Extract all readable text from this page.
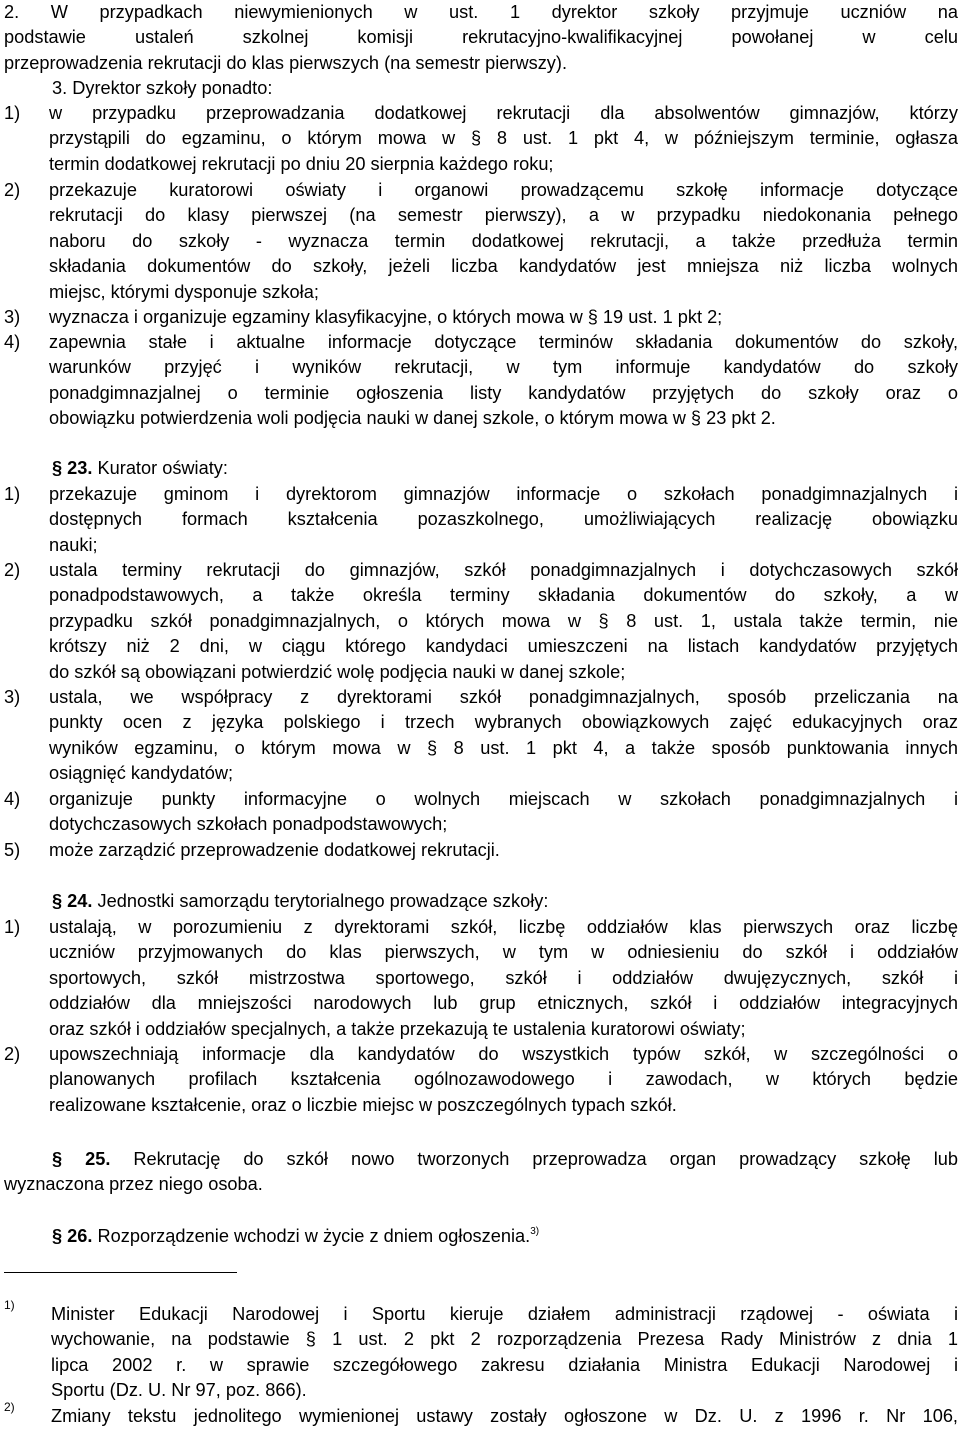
2. W przypadkach niewymienionych w ust. 1 dyrektor szkoły przyjmuje uczniów na
podstawie ustaleń szkolnej komisji rekrutacyjno-kwalifikacyjnej powołanej w celu
przeprowadzenia rekrutacji do klas pierwszych (na semestr pierwszy).
3. Dyrektor szkoły ponadto:
1) w przypadku przeprowadzania dodatkowej rekrutacji dla absolwentów gimnazjów, którzy
przystąpili do egzaminu, o którym mowa w § 8 ust. 1 pkt 4, w późniejszym terminie, ogłasza
termin dodatkowej rekrutacji po dniu 20 sierpnia każdego roku;
2) przekazuje kuratorowi oświaty i organowi prowadzącemu szkołę informacje dotyczące
rekrutacji do klasy pierwszej (na semestr pierwszy), a w przypadku niedokonania pełnego
naboru do szkoły - wyznacza termin dodatkowej rekrutacji, a także przedłuża termin
składania dokumentów do szkoły, jeżeli liczba kandydatów jest mniejsza niż liczba wolnych
miejsc, którymi dysponuje szkoła;
3) wyznacza i organizuje egzaminy klasyfikacyjne, o których mowa w § 19 ust. 1 pkt 2;
4) zapewnia stałe i aktualne informacje dotyczące terminów składania dokumentów do szkoły,
warunków przyjęć i wyników rekrutacji, w tym informuje kandydatów do szkoły
ponadgimnazjalnej o terminie ogłoszenia listy kandydatów przyjętych do szkoły oraz o
obowiązku potwierdzenia woli podjęcia nauki w danej szkole, o którym mowa w § 23 pkt 2.
§ 23. Kurator oświaty:
1) przekazuje gminom i dyrektorom gimnazjów informacje o szkołach ponadgimnazjalnych i
dostępnych formach kształcenia pozaszkolnego, umożliwiających realizację obowiązku
nauki;
2) ustala terminy rekrutacji do gimnazjów, szkół ponadgimnazjalnych i dotychczasowych szkół
ponadpodstawowych, a także określa terminy składania dokumentów do szkoły, a w
przypadku szkół ponadgimnazjalnych, o których mowa w § 8 ust. 1, ustala także termin, nie
krótszy niż 2 dni, w ciągu którego kandydaci umieszczeni na listach kandydatów przyjętych
do szkół są obowiązani potwierdzić wolę podjęcia nauki w danej szkole;
3) ustala, we współpracy z dyrektorami szkół ponadgimnazjalnych, sposób przeliczania na
punkty ocen z języka polskiego i trzech wybranych obowiązkowych zajęć edukacyjnych oraz
wyników egzaminu, o którym mowa w § 8 ust. 1 pkt 4, a także sposób punktowania innych
osiągnięć kandydatów;
4) organizuje punkty informacyjne o wolnych miejscach w szkołach ponadgimnazjalnych i
dotychczasowych szkołach ponadpodstawowych;
5) może zarządzić przeprowadzenie dodatkowej rekrutacji.
§ 24. Jednostki samorządu terytorialnego prowadzące szkoły:
1) ustalają, w porozumieniu z dyrektorami szkół, liczbę oddziałów klas pierwszych oraz liczbę
uczniów przyjmowanych do klas pierwszych, w tym w odniesieniu do szkół i oddziałów
sportowych, szkół mistrzostwa sportowego, szkół i oddziałów dwujęzycznych, szkół i
oddziałów dla mniejszości narodowych lub grup etnicznych, szkół i oddziałów integracyjnych
oraz szkół i oddziałów specjalnych, a także przekazują te ustalenia kuratorowi oświaty;
2) upowszechniają informacje dla kandydatów do wszystkich typów szkół, w szczególności o
planowanych profilach kształcenia ogólnozawodowego i zawodach, w których będzie
realizowane kształcenie, oraz o liczbie miejsc w poszczególnych typach szkół.
§ 25. Rekrutację do szkół nowo tworzonych przeprowadza organ prowadzący szkołę lub
wyznaczona przez niego osoba.
§ 26. Rozporządzenie wchodzi w życie z dniem ogłoszenia.$^{3)}$
1) Minister Edukacji Narodowej i Sportu kieruje działem administracji rządowej - oświata i
wychowanie, na podstawie § 1 ust. 2 pkt 2 rozporządzenia Prezesa Rady Ministrów z dnia 1
lipca 2002 r. w sprawie szczegółowego zakresu działania Ministra Edukacji Narodowej i
Sportu (Dz. U. Nr 97, poz. 866).
2) Zmiany tekstu jednolitego wymienionej ustawy zostały ogłoszone w Dz. U. z 1996 r. Nr 106,
